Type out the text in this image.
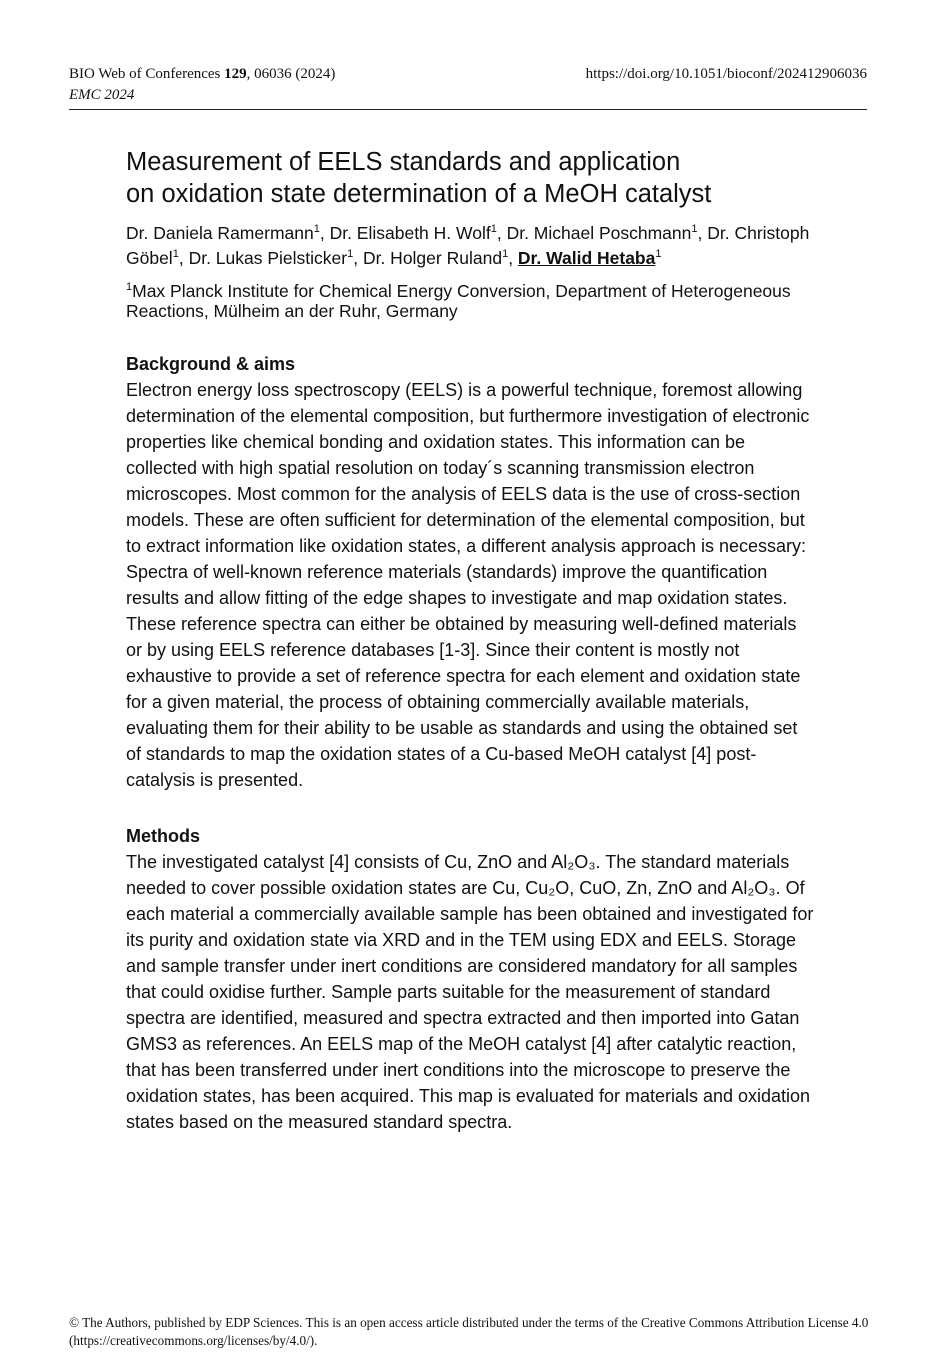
BIO Web of Conferences 129, 06036 (2024)
EMC 2024
https://doi.org/10.1051/bioconf/202412906036
Measurement of EELS standards and application
on oxidation state determination of a MeOH catalyst

Dr. Daniela Ramermann$^1$, Dr. Elisabeth H. Wolf$^1$, Dr. Michael Poschmann$^1$, Dr. Christoph Göbel$^1$, Dr. Lukas Pielsticker$^1$, Dr. Holger Ruland$^1$, Dr. Walid Hetaba$^1$

$^1$Max Planck Institute for Chemical Energy Conversion, Department of Heterogeneous Reactions, Mülheim an der Ruhr, Germany

Background & aims

Electron energy loss spectroscopy (EELS) is a powerful technique, foremost allowing determination of the elemental composition, but furthermore investigation of electronic properties like chemical bonding and oxidation states. This information can be collected with high spatial resolution on today´s scanning transmission electron microscopes. Most common for the analysis of EELS data is the use of cross-section models. These are often sufficient for determination of the elemental composition, but to extract information like oxidation states, a different analysis approach is necessary: Spectra of well-known reference materials (standards) improve the quantification results and allow fitting of the edge shapes to investigate and map oxidation states. These reference spectra can either be obtained by measuring well-defined materials or by using EELS reference databases [1-3]. Since their content is mostly not exhaustive to provide a set of reference spectra for each element and oxidation state for a given material, the process of obtaining commercially available materials, evaluating them for their ability to be usable as standards and using the obtained set of standards to map the oxidation states of a Cu-based MeOH catalyst [4] post-catalysis is presented.

Methods

The investigated catalyst [4] consists of Cu, ZnO and Al₂O₃. The standard materials needed to cover possible oxidation states are Cu, Cu₂O, CuO, Zn, ZnO and Al₂O₃. Of each material a commercially available sample has been obtained and investigated for its purity and oxidation state via XRD and in the TEM using EDX and EELS. Storage and sample transfer under inert conditions are considered mandatory for all samples that could oxidise further. Sample parts suitable for the measurement of standard spectra are identified, measured and spectra extracted and then imported into Gatan GMS3 as references. An EELS map of the MeOH catalyst [4] after catalytic reaction, that has been transferred under inert conditions into the microscope to preserve the oxidation states, has been acquired. This map is evaluated for materials and oxidation states based on the measured standard spectra.

© The Authors, published by EDP Sciences. This is an open access article distributed under the terms of the Creative Commons Attribution License 4.0 (https://creativecommons.org/licenses/by/4.0/).
